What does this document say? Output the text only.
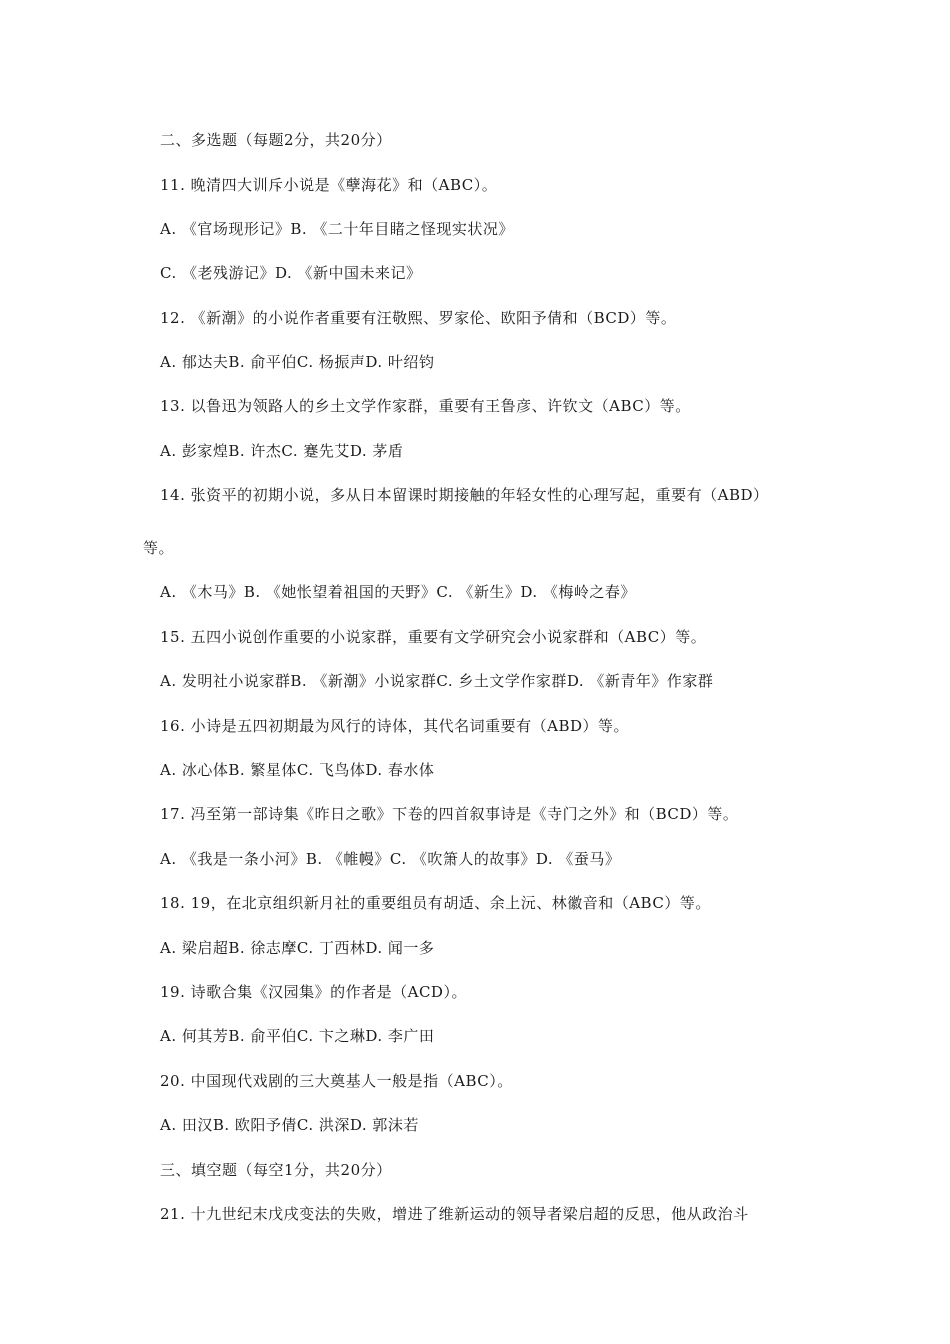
二、多选题（每题2分，共20分）
11. 晚清四大训斥小说是《孽海花》和（ABC）。
A. 《官场现形记》B. 《二十年目睹之怪现实状况》
C. 《老残游记》D. 《新中国未来记》
12. 《新潮》的小说作者重要有汪敬熙、罗家伦、欧阳予倩和（BCD）等。
A. 郁达夫B. 俞平伯C. 杨振声D. 叶绍钧
13. 以鲁迅为领路人的乡土文学作家群，重要有王鲁彦、许钦文（ABC）等。
A. 彭家煌B. 许杰C. 蹇先艾D. 茅盾
14. 张资平的初期小说，多从日本留课时期接触的年轻女性的心理写起，重要有（ABD）
等。
A. 《木马》B. 《她怅望着祖国的天野》C. 《新生》D. 《梅岭之春》
15. 五四小说创作重要的小说家群，重要有文学研究会小说家群和（ABC）等。
A. 发明社小说家群B. 《新潮》小说家群C. 乡土文学作家群D. 《新青年》作家群
16. 小诗是五四初期最为风行的诗体，其代名词重要有（ABD）等。
A. 冰心体B. 繁星体C. 飞鸟体D. 春水体
17. 冯至第一部诗集《昨日之歌》下卷的四首叙事诗是《寺门之外》和（BCD）等。
A. 《我是一条小河》B. 《帷幔》C. 《吹箫人的故事》D. 《蚕马》
18. 19，在北京组织新月社的重要组员有胡适、余上沅、林徽音和（ABC）等。
A. 梁启超B. 徐志摩C. 丁西林D. 闻一多
19. 诗歌合集《汉园集》的作者是（ACD）。
A. 何其芳B. 俞平伯C. 卞之琳D. 李广田
20. 中国现代戏剧的三大奠基人一般是指（ABC）。
A. 田汉B. 欧阳予倩C. 洪深D. 郭沫若
三、填空题（每空1分，共20分）
21. 十九世纪末戊戌变法的失败，增进了维新运动的领导者梁启超的反思，他从政治斗
